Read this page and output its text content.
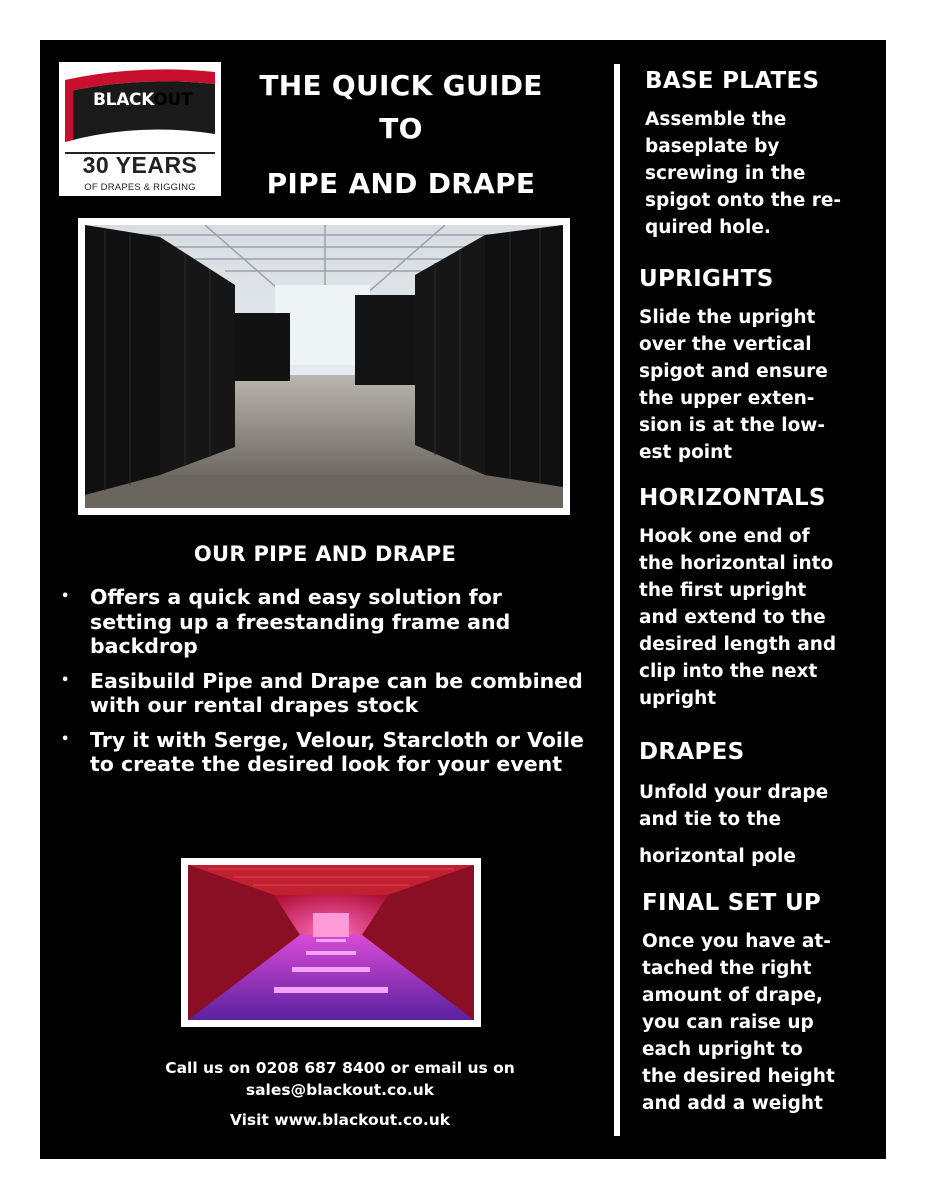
BLACKOUT
30 YEARS
OF DRAPES & RIGGING
THE QUICK GUIDE
TO
PIPE AND DRAPE
OUR PIPE AND DRAPE
• Offers a quick and easy solution for setting up a freestanding frame and backdrop
• Easibuild Pipe and Drape can be combined with our rental drapes stock
• Try it with Serge, Velour, Starcloth or Voile to create the desired look for your event
Call us on 0208 687 8400 or email us on
sales@blackout.co.uk
Visit www.blackout.co.uk
BASE PLATES
Assemble the
baseplate by
screwing in the
spigot onto the re-
quired hole.
UPRIGHTS
Slide the upright
over the vertical
spigot and ensure
the upper exten-
sion is at the low-
est point
HORIZONTALS
Hook one end of
the horizontal into
the first upright
and extend to the
desired length and
clip into the next
upright
DRAPES
Unfold your drape
and tie to the
horizontal pole
FINAL SET UP
Once you have at-
tached the right
amount of drape,
you can raise up
each upright to
the desired height
and add a weight
